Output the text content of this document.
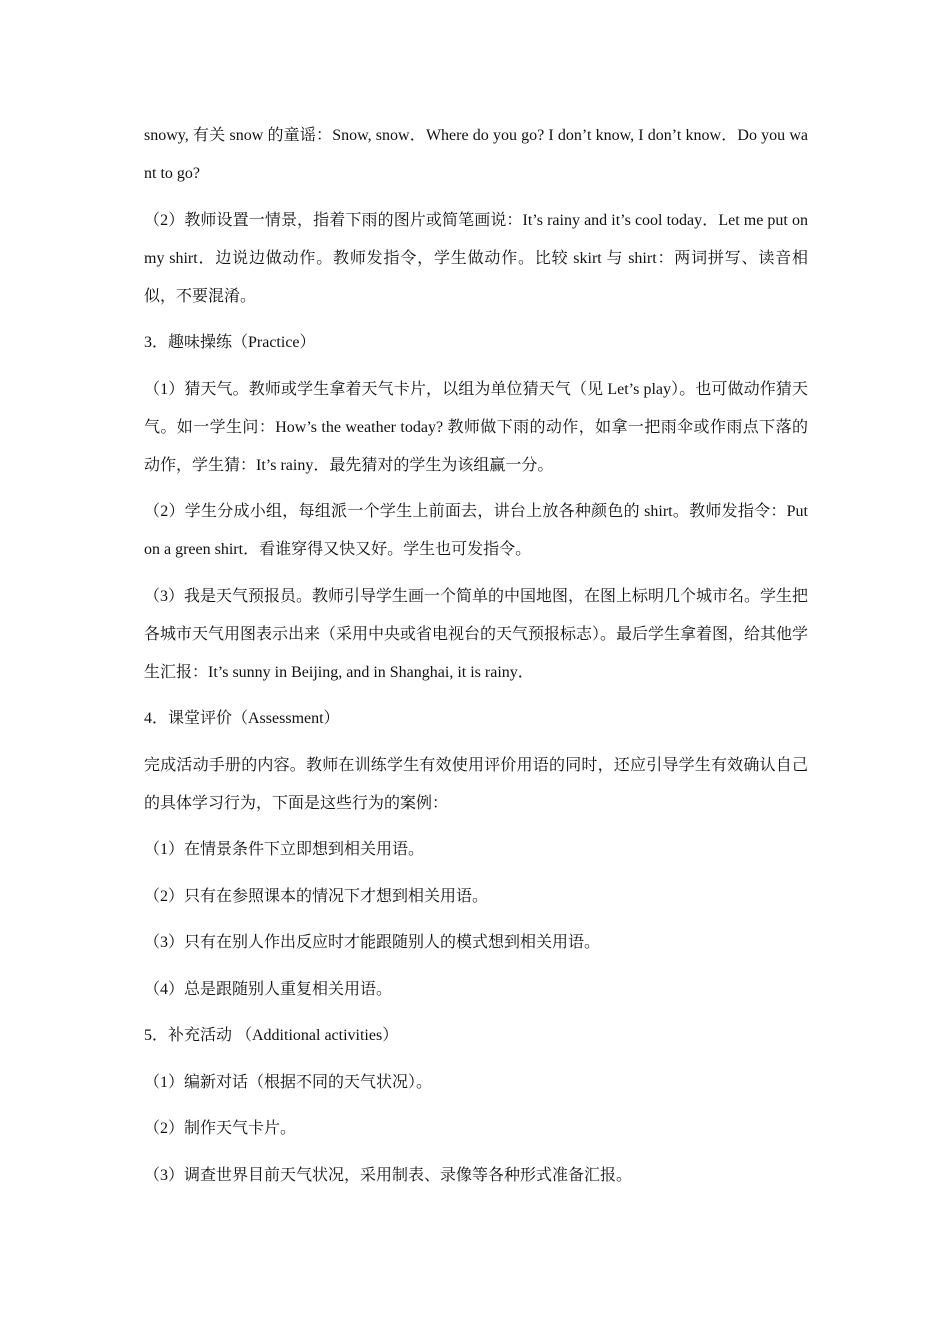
snowy, 有关 snow 的童谣：Snow, snow．Where do you go? I don’t know, I don’t know．Do you want to go?

（2）教师设置一情景，指着下雨的图片或简笔画说：It’s rainy and it’s cool today．Let me put on my shirt．边说边做动作。教师发指令，学生做动作。比较 skirt 与 shirt：两词拼写、读音相似，不要混淆。

3．趣味操练（Practice）

（1）猜天气。教师或学生拿着天气卡片，以组为单位猜天气（见 Let’s play）。也可做动作猜天气。如一学生问：How’s the weather today? 教师做下雨的动作，如拿一把雨伞或作雨点下落的动作，学生猜：It’s rainy．最先猜对的学生为该组赢一分。

（2）学生分成小组，每组派一个学生上前面去，讲台上放各种颜色的 shirt。教师发指令：Put on a green shirt．看谁穿得又快又好。学生也可发指令。

（3）我是天气预报员。教师引导学生画一个简单的中国地图，在图上标明几个城市名。学生把各城市天气用图表示出来（采用中央或省电视台的天气预报标志）。最后学生拿着图，给其他学生汇报：It’s sunny in Beijing, and in Shanghai, it is rainy．

4．课堂评价（Assessment）

完成活动手册的内容。教师在训练学生有效使用评价用语的同时，还应引导学生有效确认自己的具体学习行为，下面是这些行为的案例：

（1）在情景条件下立即想到相关用语。

（2）只有在参照课本的情况下才想到相关用语。

（3）只有在别人作出反应时才能跟随别人的模式想到相关用语。

（4）总是跟随别人重复相关用语。

5．补充活动 （Additional activities）

（1）编新对话（根据不同的天气状况）。

（2）制作天气卡片。

（3）调查世界目前天气状况，采用制表、录像等各种形式准备汇报。
